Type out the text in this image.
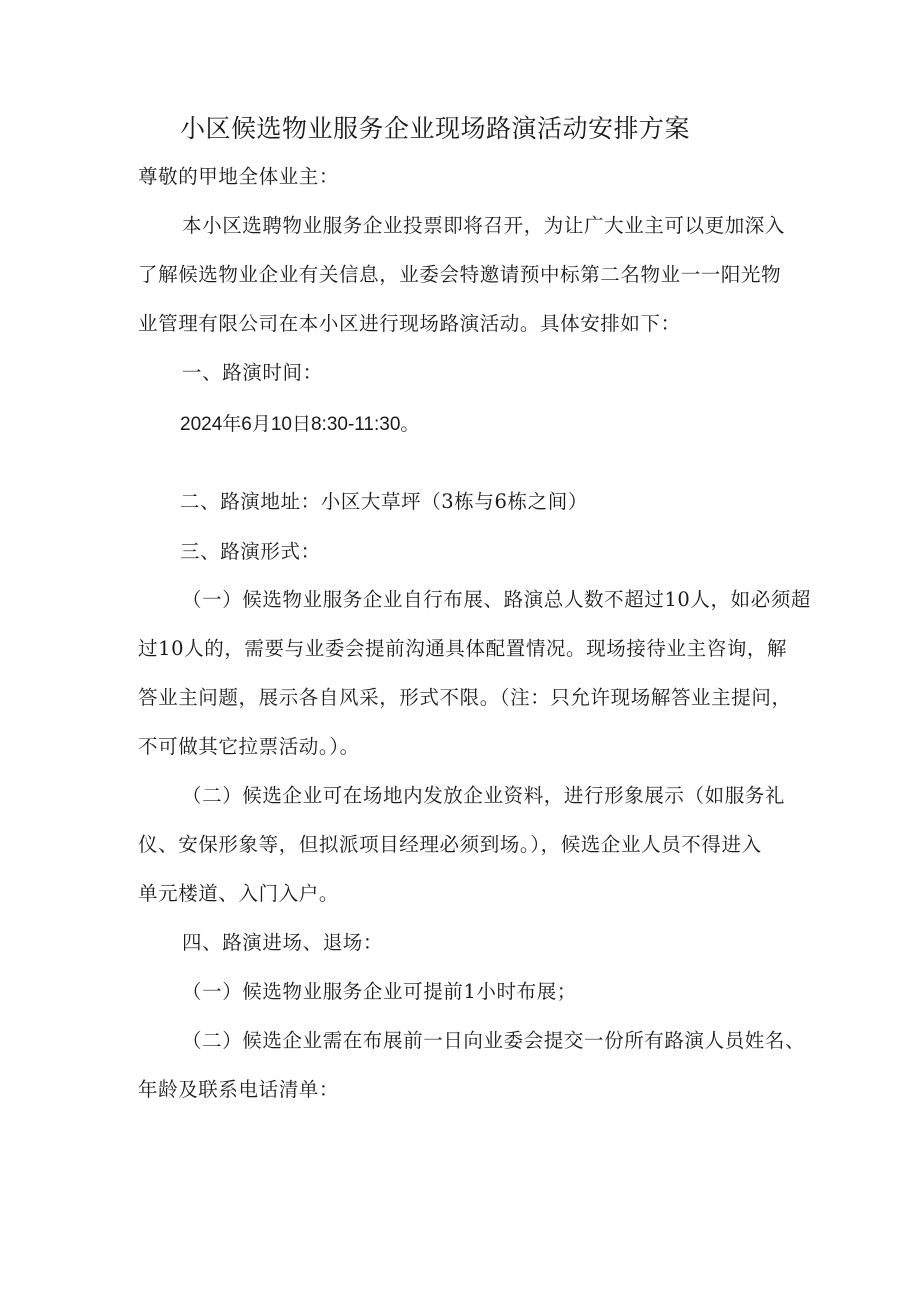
小区候选物业服务企业现场路演活动安排方案
尊敬的甲地全体业主：
本小区选聘物业服务企业投票即将召开，为让广大业主可以更加深入
了解候选物业企业有关信息，业委会特邀请预中标第二名物业一一阳光物
业管理有限公司在本小区进行现场路演活动。具体安排如下：
一、路演时间：
2024年6月10日8:30-11:30。
二、路演地址：小区大草坪（3栋与6栋之间）
三、路演形式：
（一）候选物业服务企业自行布展、路演总人数不超过10人，如必须超
过10人的，需要与业委会提前沟通具体配置情况。现场接待业主咨询，解
答业主问题，展示各自风采，形式不限。（注：只允许现场解答业主提问，
不可做其它拉票活动。）。
（二）候选企业可在场地内发放企业资料，进行形象展示（如服务礼
仪、安保形象等，但拟派项目经理必须到场。），候选企业人员不得进入
单元楼道、入门入户。
四、路演进场、退场：
（一）候选物业服务企业可提前1小时布展；
（二）候选企业需在布展前一日向业委会提交一份所有路演人员姓名、
年龄及联系电话清单：
